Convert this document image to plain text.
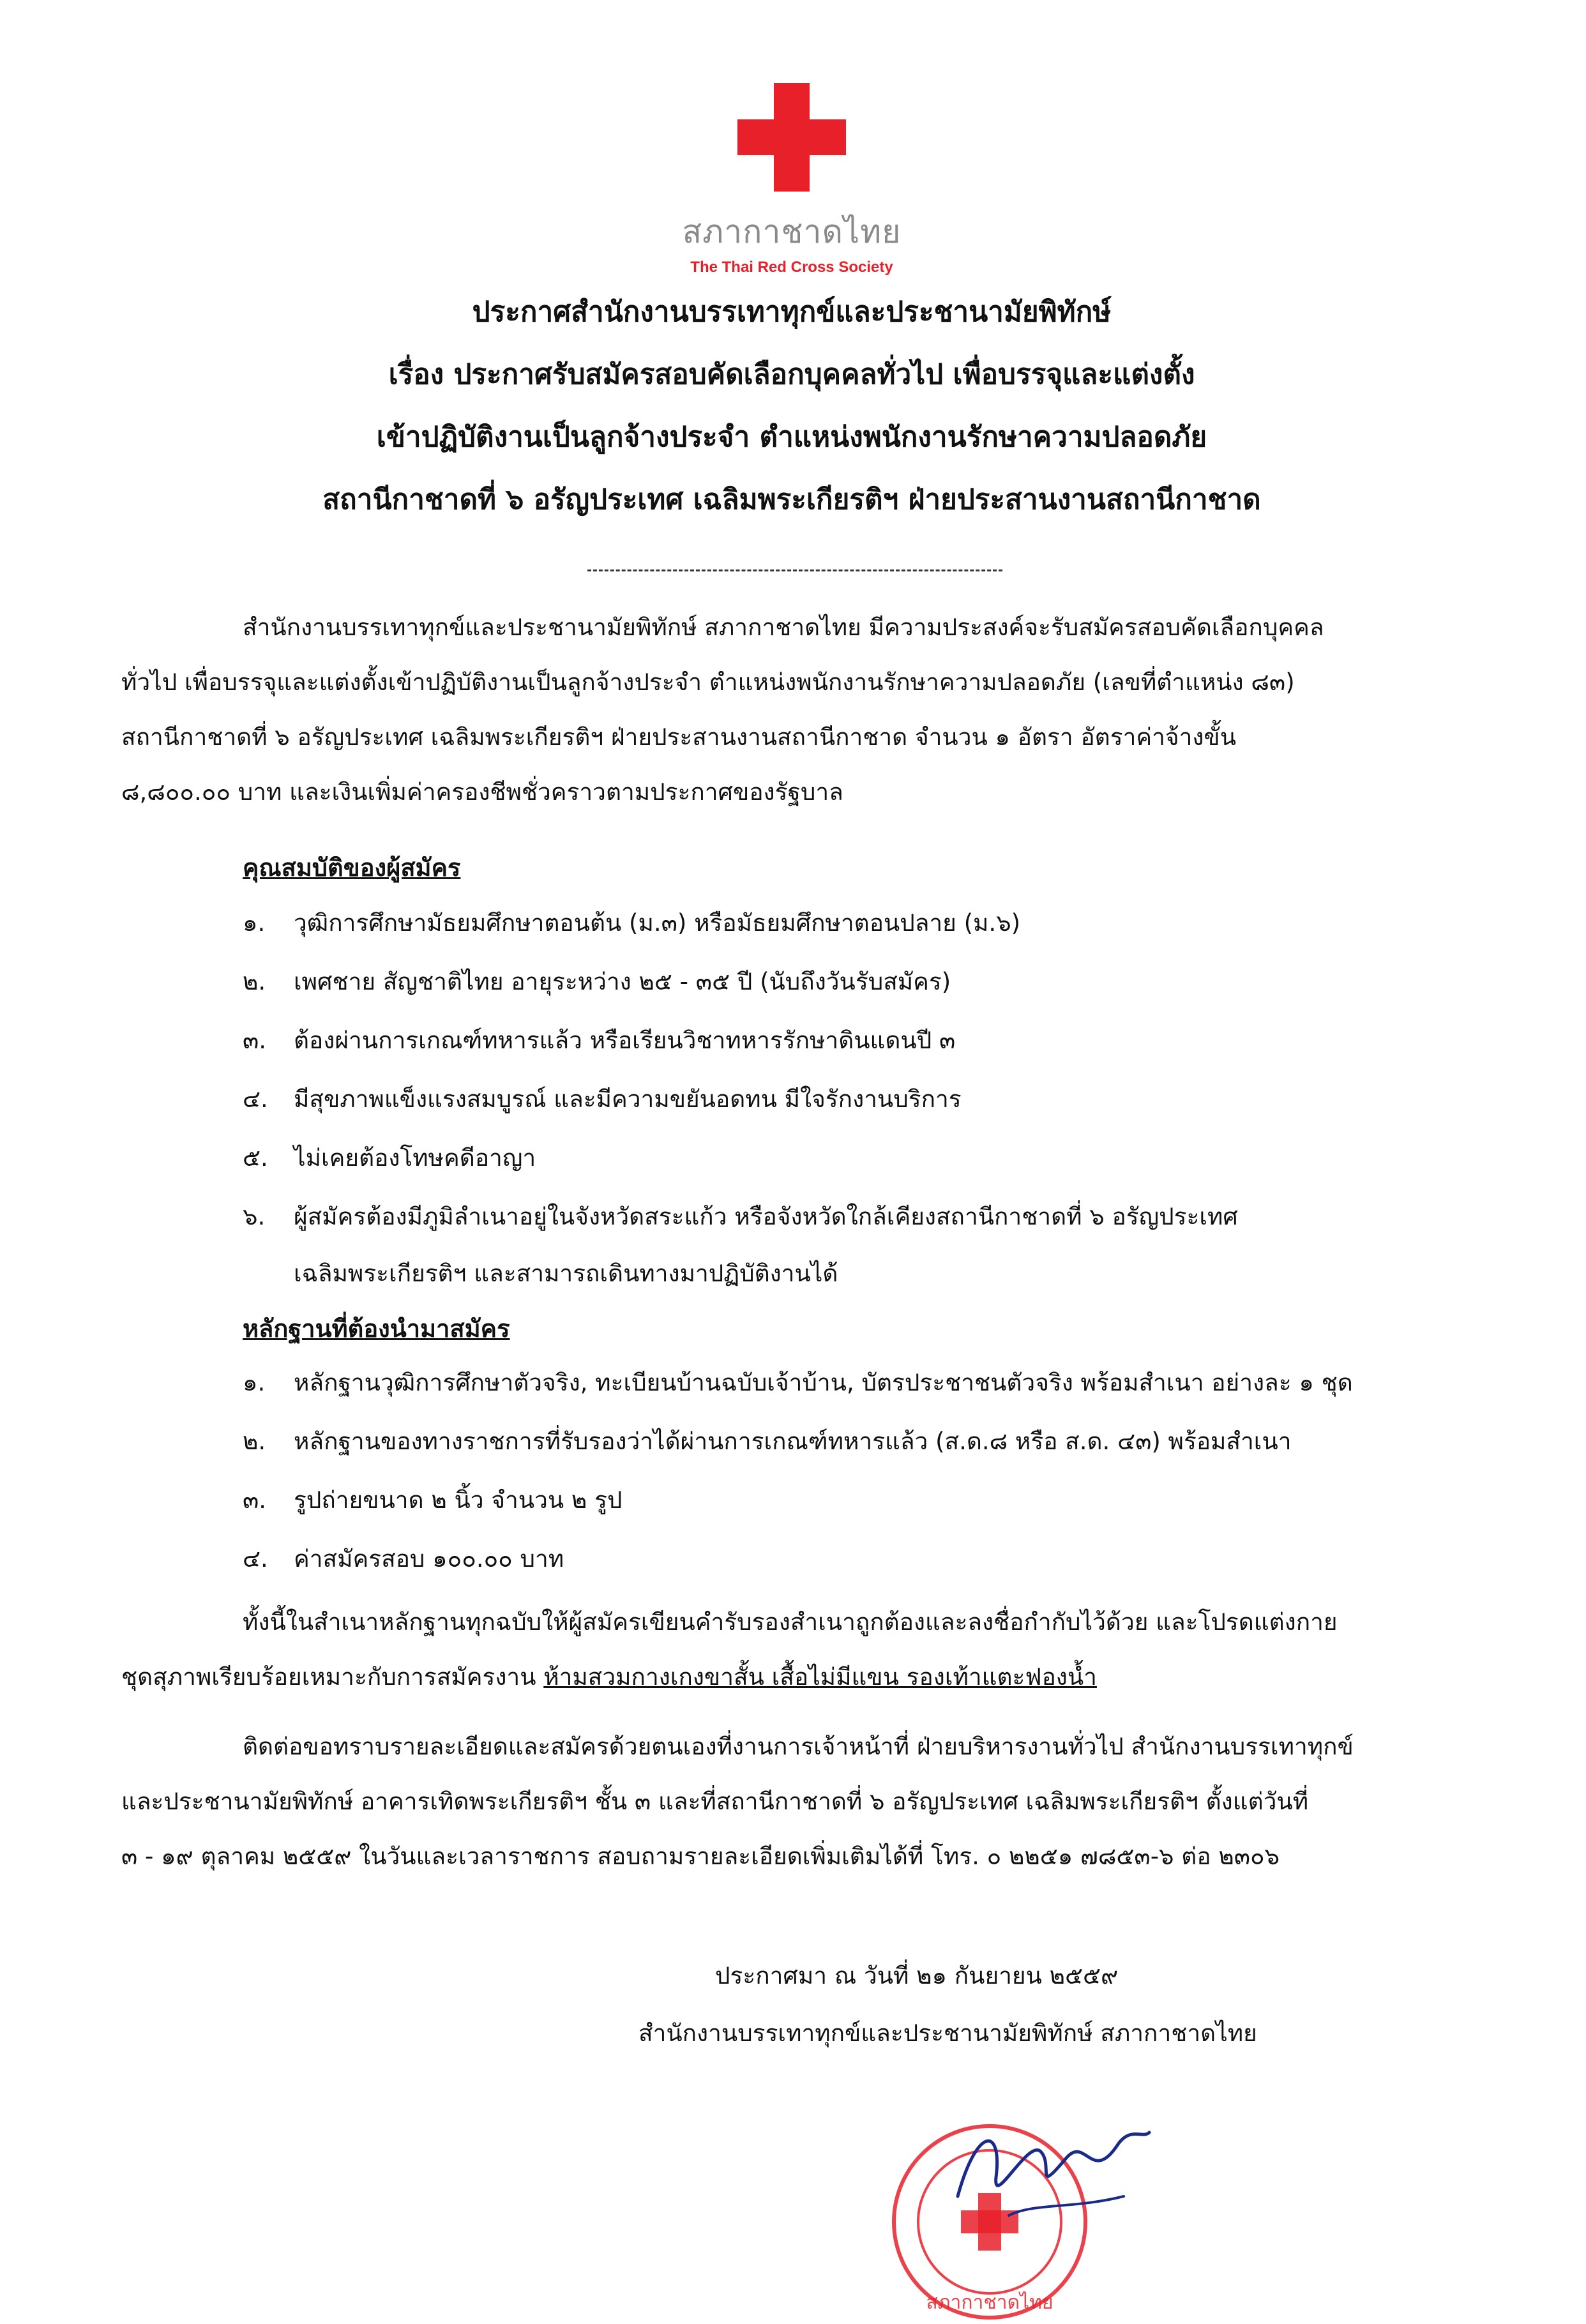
สภากาชาดไทย
The Thai Red Cross Society
ประกาศสำนักงานบรรเทาทุกข์และประชานามัยพิทักษ์
เรื่อง ประกาศรับสมัครสอบคัดเลือกบุคคลทั่วไป เพื่อบรรจุและแต่งตั้ง
เข้าปฏิบัติงานเป็นลูกจ้างประจำ ตำแหน่งพนักงานรักษาความปลอดภัย
สถานีกาชาดที่ ๖ อรัญประเทศ เฉลิมพระเกียรติฯ ฝ่ายประสานงานสถานีกาชาด
สำนักงานบรรเทาทุกข์และประชานามัยพิทักษ์ สภากาชาดไทย มีความประสงค์จะรับสมัครสอบคัดเลือกบุคคล
ทั่วไป เพื่อบรรจุและแต่งตั้งเข้าปฏิบัติงานเป็นลูกจ้างประจำ ตำแหน่งพนักงานรักษาความปลอดภัย (เลขที่ตำแหน่ง ๘๓)
สถานีกาชาดที่ ๖ อรัญประเทศ เฉลิมพระเกียรติฯ ฝ่ายประสานงานสถานีกาชาด จำนวน ๑ อัตรา อัตราค่าจ้างขั้น
๘,๘๐๐.๐๐ บาท และเงินเพิ่มค่าครองชีพชั่วคราวตามประกาศของรัฐบาล
คุณสมบัติของผู้สมัคร
๑.	วุฒิการศึกษามัธยมศึกษาตอนต้น (ม.๓) หรือมัธยมศึกษาตอนปลาย (ม.๖)
๒.	เพศชาย สัญชาติไทย อายุระหว่าง ๒๕ - ๓๕ ปี (นับถึงวันรับสมัคร)
๓.	ต้องผ่านการเกณฑ์ทหารแล้ว หรือเรียนวิชาทหารรักษาดินแดนปี ๓
๔.	มีสุขภาพแข็งแรงสมบูรณ์ และมีความขยันอดทน มีใจรักงานบริการ
๕.	ไม่เคยต้องโทษคดีอาญา
๖.	ผู้สมัครต้องมีภูมิลำเนาอยู่ในจังหวัดสระแก้ว หรือจังหวัดใกล้เคียงสถานีกาชาดที่ ๖ อรัญประเทศ
เฉลิมพระเกียรติฯ และสามารถเดินทางมาปฏิบัติงานได้
หลักฐานที่ต้องนำมาสมัคร
๑.	หลักฐานวุฒิการศึกษาตัวจริง, ทะเบียนบ้านฉบับเจ้าบ้าน, บัตรประชาชนตัวจริง พร้อมสำเนา อย่างละ ๑ ชุด
๒.	หลักฐานของทางราชการที่รับรองว่าได้ผ่านการเกณฑ์ทหารแล้ว (ส.ด.๘ หรือ ส.ด. ๔๓) พร้อมสำเนา
๓.	รูปถ่ายขนาด ๒ นิ้ว จำนวน ๒ รูป
๔.	ค่าสมัครสอบ ๑๐๐.๐๐ บาท
ทั้งนี้ในสำเนาหลักฐานทุกฉบับให้ผู้สมัครเขียนคำรับรองสำเนาถูกต้องและลงชื่อกำกับไว้ด้วย และโปรดแต่งกาย
ชุดสุภาพเรียบร้อยเหมาะกับการสมัครงาน ห้ามสวมกางเกงขาสั้น เสื้อไม่มีแขน รองเท้าแตะฟองน้ำ
ติดต่อขอทราบรายละเอียดและสมัครด้วยตนเองที่งานการเจ้าหน้าที่ ฝ่ายบริหารงานทั่วไป สำนักงานบรรเทาทุกข์
และประชานามัยพิทักษ์ อาคารเทิดพระเกียรติฯ ชั้น ๓ และที่สถานีกาชาดที่ ๖ อรัญประเทศ เฉลิมพระเกียรติฯ ตั้งแต่วันที่
๓ - ๑๙ ตุลาคม ๒๕๕๙ ในวันและเวลาราชการ สอบถามรายละเอียดเพิ่มเติมได้ที่ โทร. ๐ ๒๒๕๑ ๗๘๕๓-๖ ต่อ ๒๓๐๖
ประกาศมา ณ วันที่ ๒๑ กันยายน ๒๕๕๙
สำนักงานบรรเทาทุกข์และประชานามัยพิทักษ์ สภากาชาดไทย
สภากาชาดไทย
